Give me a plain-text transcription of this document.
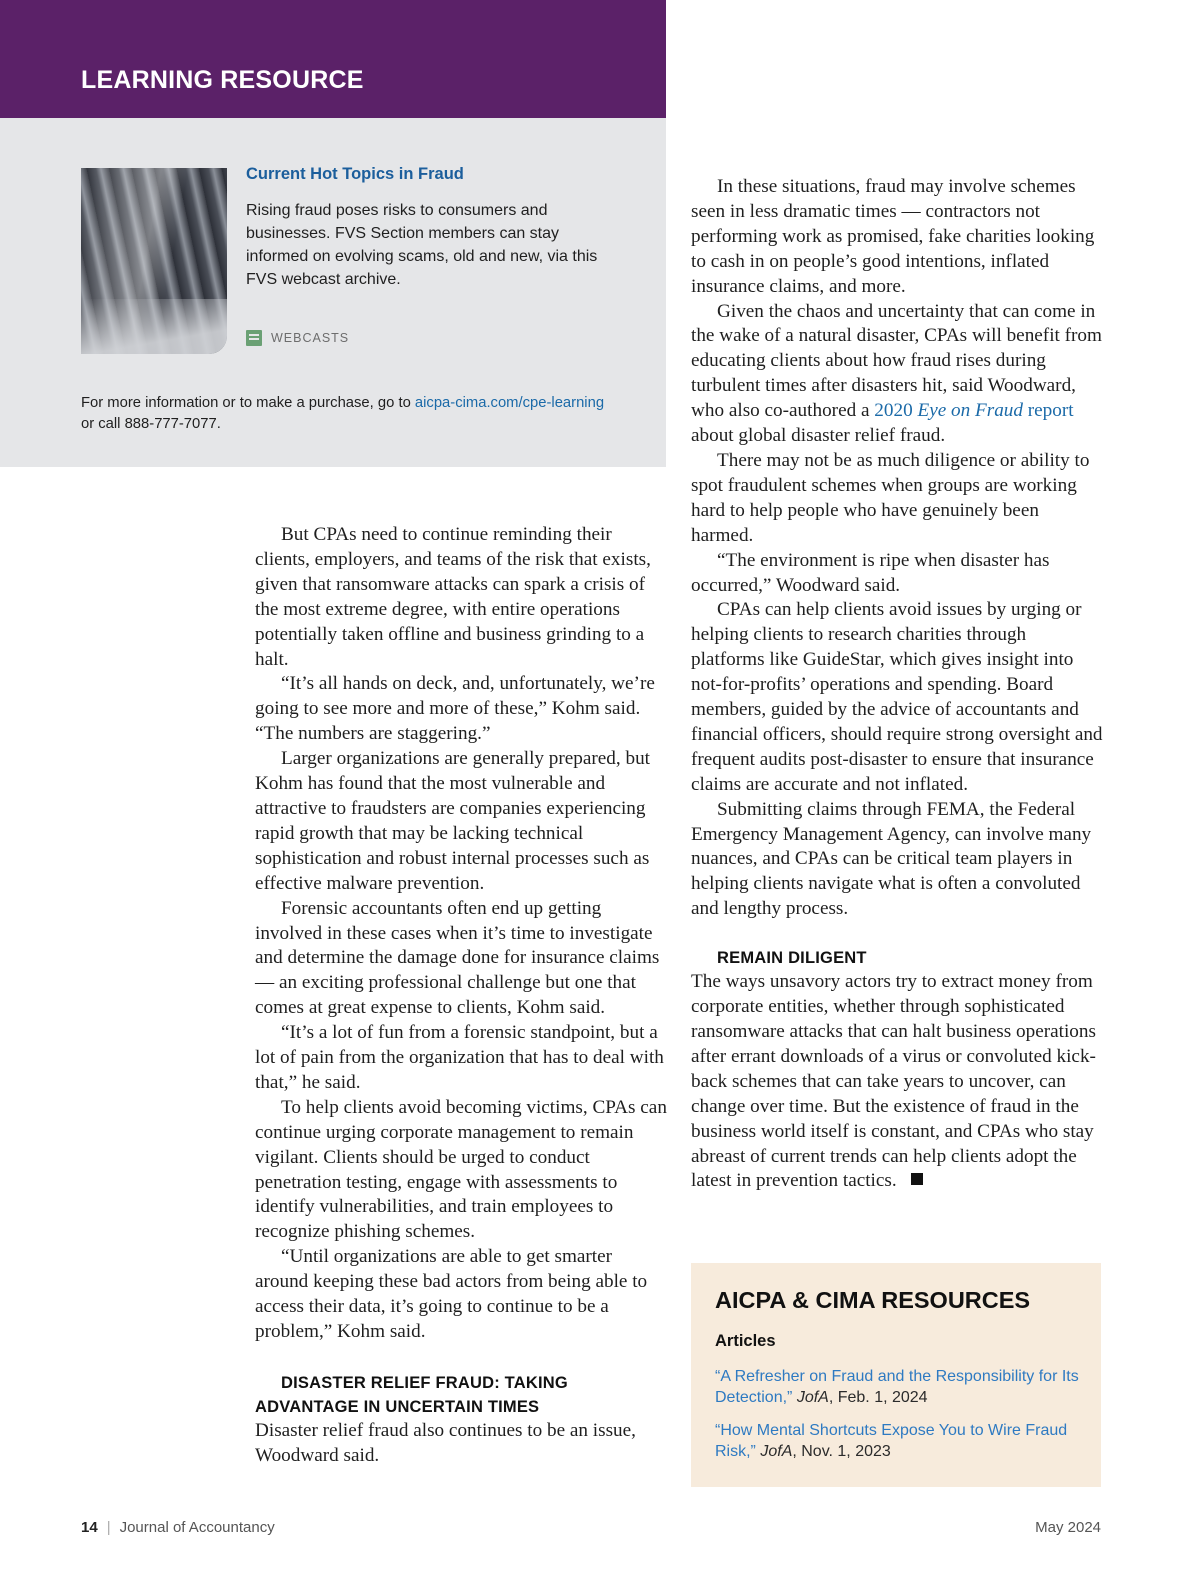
LEARNING RESOURCE
Current Hot Topics in Fraud
Rising fraud poses risks to consumers and businesses. FVS Section members can stay informed on evolving scams, old and new, via this FVS webcast archive.
WEBCASTS
For more information or to make a purchase, go to aicpa-cima.com/cpe-learning
or call 888-777-7077.

But CPAs need to continue reminding their clients, employers, and teams of the risk that exists, given that ransomware attacks can spark a crisis of the most extreme degree, with entire operations potentially taken offline and business grinding to a halt.

“It’s all hands on deck, and, unfortunately, we’re going to see more and more of these,” Kohm said. “The numbers are staggering.”

Larger organizations are generally prepared, but Kohm has found that the most vulnerable and attractive to fraudsters are companies experiencing rapid growth that may be lacking technical sophistication and robust internal processes such as effective malware prevention.

Forensic accountants often end up getting involved in these cases when it’s time to investigate and determine the damage done for insurance claims — an exciting professional challenge but one that comes at great expense to clients, Kohm said.

“It’s a lot of fun from a forensic standpoint, but a lot of pain from the organization that has to deal with that,” he said.

To help clients avoid becoming victims, CPAs can continue urging corporate management to remain vigilant. Clients should be urged to conduct penetration testing, engage with assessments to identify vulnerabilities, and train employees to recognize phishing schemes.

“Until organizations are able to get smarter around keeping these bad actors from being able to access their data, it’s going to continue to be a problem,” Kohm said.

DISASTER RELIEF FRAUD: TAKING ADVANTAGE IN UNCERTAIN TIMES

Disaster relief fraud also continues to be an issue, Woodward said.

In these situations, fraud may involve schemes seen in less dramatic times — contractors not performing work as promised, fake charities looking to cash in on people’s good intentions, inflated insurance claims, and more.

Given the chaos and uncertainty that can come in the wake of a natural disaster, CPAs will benefit from educating clients about how fraud rises during turbulent times after disasters hit, said Woodward, who also co-authored a 2020 Eye on Fraud report about global disaster relief fraud.

There may not be as much diligence or ability to spot fraudulent schemes when groups are working hard to help people who have genuinely been harmed.

“The environment is ripe when disaster has occurred,” Woodward said.

CPAs can help clients avoid issues by urging or helping clients to research charities through platforms like GuideStar, which gives insight into not-for-profits’ operations and spending. Board members, guided by the advice of accountants and financial officers, should require strong oversight and frequent audits post-disaster to ensure that insurance claims are accurate and not inflated.

Submitting claims through FEMA, the Federal Emergency Management Agency, can involve many nuances, and CPAs can be critical team players in helping clients navigate what is often a convoluted and lengthy process.

REMAIN DILIGENT

The ways unsavory actors try to extract money from corporate entities, whether through sophisticated ransomware attacks that can halt business operations after errant downloads of a virus or convoluted kick-back schemes that can take years to uncover, can change over time. But the existence of fraud in the business world itself is constant, and CPAs who stay abreast of current trends can help clients adopt the latest in prevention tactics.

AICPA & CIMA RESOURCES
Articles
“A Refresher on Fraud and the Responsibility for Its Detection,” JofA, Feb. 1, 2024
“How Mental Shortcuts Expose You to Wire Fraud Risk,” JofA, Nov. 1, 2023
14 | Journal of Accountancy	May 2024
